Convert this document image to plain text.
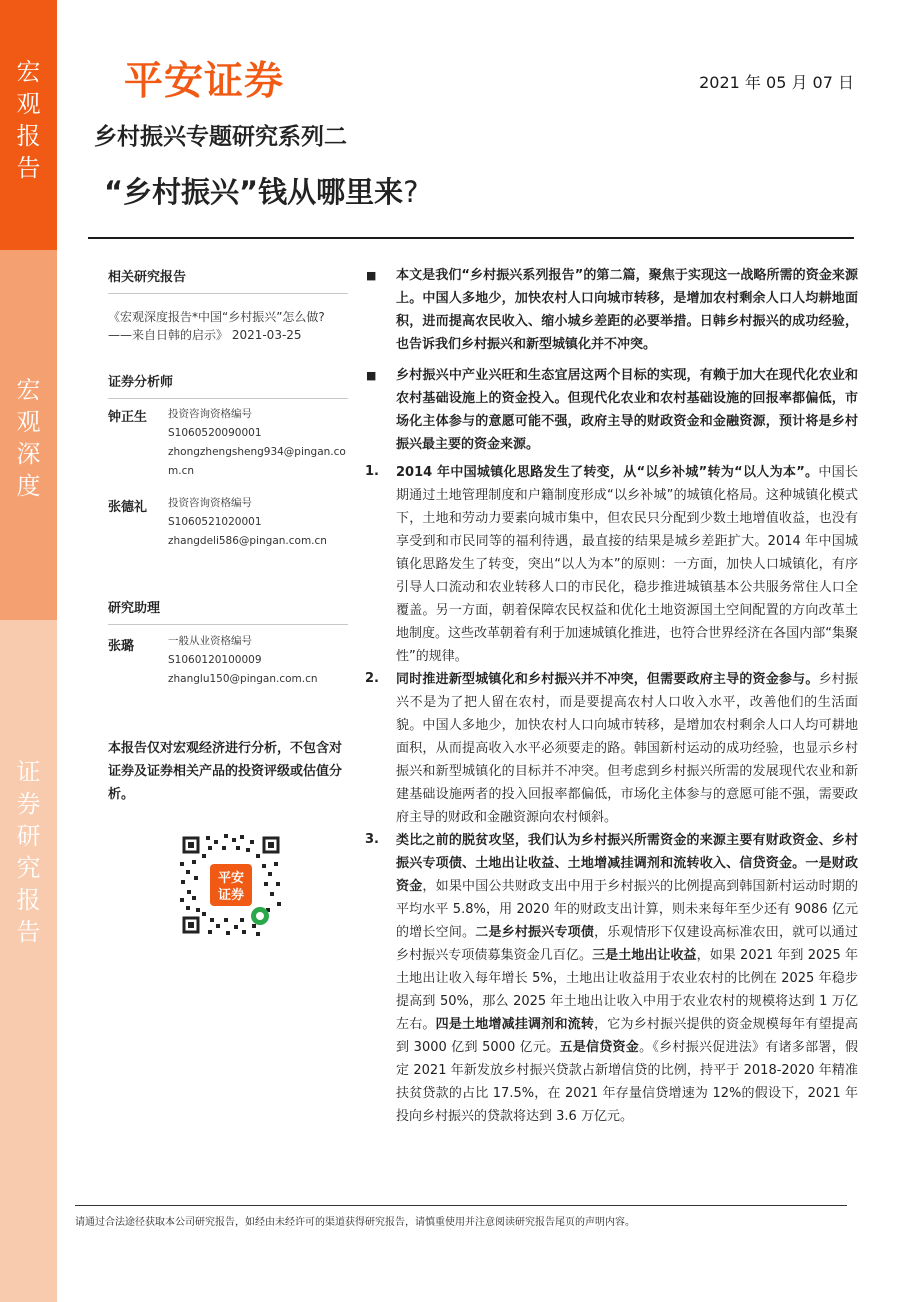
宏
观
报
告
宏
观
深
度
证
券
研
究
报
告
平安证券	2021 年 05 月 07 日
乡村振兴专题研究系列二
“乡村振兴”钱从哪里来?
相关研究报告
《宏观深度报告*中国“乡村振兴”怎么做?
——来自日韩的启示》 2021-03-25
证券分析师
钟正生 投资咨询资格编号
S1060520090001
zhongzhengsheng934@pingan.com.cn
张德礼 投资咨询资格编号
S1060521020001
zhangdeli586@pingan.com.cn
研究助理
张璐	一般从业资格编号
S1060120100009
zhanglu150@pingan.com.cn
本报告仅对宏观经济进行分析，不包含对证券及证券相关产品的投资评级或估值分析。
平安
证券
■ 本文是我们“乡村振兴系列报告”的第二篇，聚焦于实现这一战略所需的资金来源上。中国人多地少，加快农村人口向城市转移，是增加农村剩余人口人均耕地面积，进而提高农民收入、缩小城乡差距的必要举措。日韩乡村振兴的成功经验，也告诉我们乡村振兴和新型城镇化并不冲突。
■ 乡村振兴中产业兴旺和生态宜居这两个目标的实现，有赖于加大在现代化农业和农村基础设施上的资金投入。但现代化农业和农村基础设施的回报率都偏低，市场化主体参与的意愿可能不强，政府主导的财政资金和金融资源，预计将是乡村振兴最主要的资金来源。
1. 2014 年中国城镇化思路发生了转变，从“以乡补城”转为“以人为本”。中国长期通过土地管理制度和户籍制度形成“以乡补城”的城镇化格局。这种城镇化模式下，土地和劳动力要素向城市集中，但农民只分配到少数土地增值收益，也没有享受到和市民同等的福利待遇，最直接的结果是城乡差距扩大。2014 年中国城镇化思路发生了转变，突出“以人为本”的原则：一方面，加快人口城镇化，有序引导人口流动和农业转移人口的市民化，稳步推进城镇基本公共服务常住人口全覆盖。另一方面，朝着保障农民权益和优化土地资源国土空间配置的方向改革土地制度。这些改革朝着有利于加速城镇化推进，也符合世界经济在各国内部“集聚性”的规律。
2. 同时推进新型城镇化和乡村振兴并不冲突，但需要政府主导的资金参与。乡村振兴不是为了把人留在农村，而是要提高农村人口收入水平，改善他们的生活面貌。中国人多地少，加快农村人口向城市转移，是增加农村剩余人口人均可耕地面积，从而提高收入水平必须要走的路。韩国新村运动的成功经验，也显示乡村振兴和新型城镇化的目标并不冲突。但考虑到乡村振兴所需的发展现代农业和新建基础设施两者的投入回报率都偏低，市场化主体参与的意愿可能不强，需要政府主导的财政和金融资源向农村倾斜。
3. 类比之前的脱贫攻坚，我们认为乡村振兴所需资金的来源主要有财政资金、乡村振兴专项债、土地出让收益、土地增减挂调剂和流转收入、信贷资金。一是财政资金，如果中国公共财政支出中用于乡村振兴的比例提高到韩国新村运动时期的平均水平 5.8%，用 2020 年的财政支出计算，则未来每年至少还有 9086 亿元的增长空间。二是乡村振兴专项债，乐观情形下仅建设高标准农田，就可以通过乡村振兴专项债募集资金几百亿。三是土地出让收益，如果 2021 年到 2025 年土地出让收入每年增长 5%，土地出让收益用于农业农村的比例在 2025 年稳步提高到 50%，那么 2025 年土地出让收入中用于农业农村的规模将达到 1 万亿左右。四是土地增减挂调剂和流转，它为乡村振兴提供的资金规模每年有望提高到 3000 亿到 5000 亿元。五是信贷资金。《乡村振兴促进法》有诸多部署，假定 2021 年新发放乡村振兴贷款占新增信贷的比例，持平于 2018-2020 年精准扶贫贷款的占比 17.5%，在 2021 年存量信贷增速为 12%的假设下，2021 年投向乡村振兴的贷款将达到 3.6 万亿元。
请通过合法途径获取本公司研究报告，如经由未经许可的渠道获得研究报告，请慎重使用并注意阅读研究报告尾页的声明内容。
